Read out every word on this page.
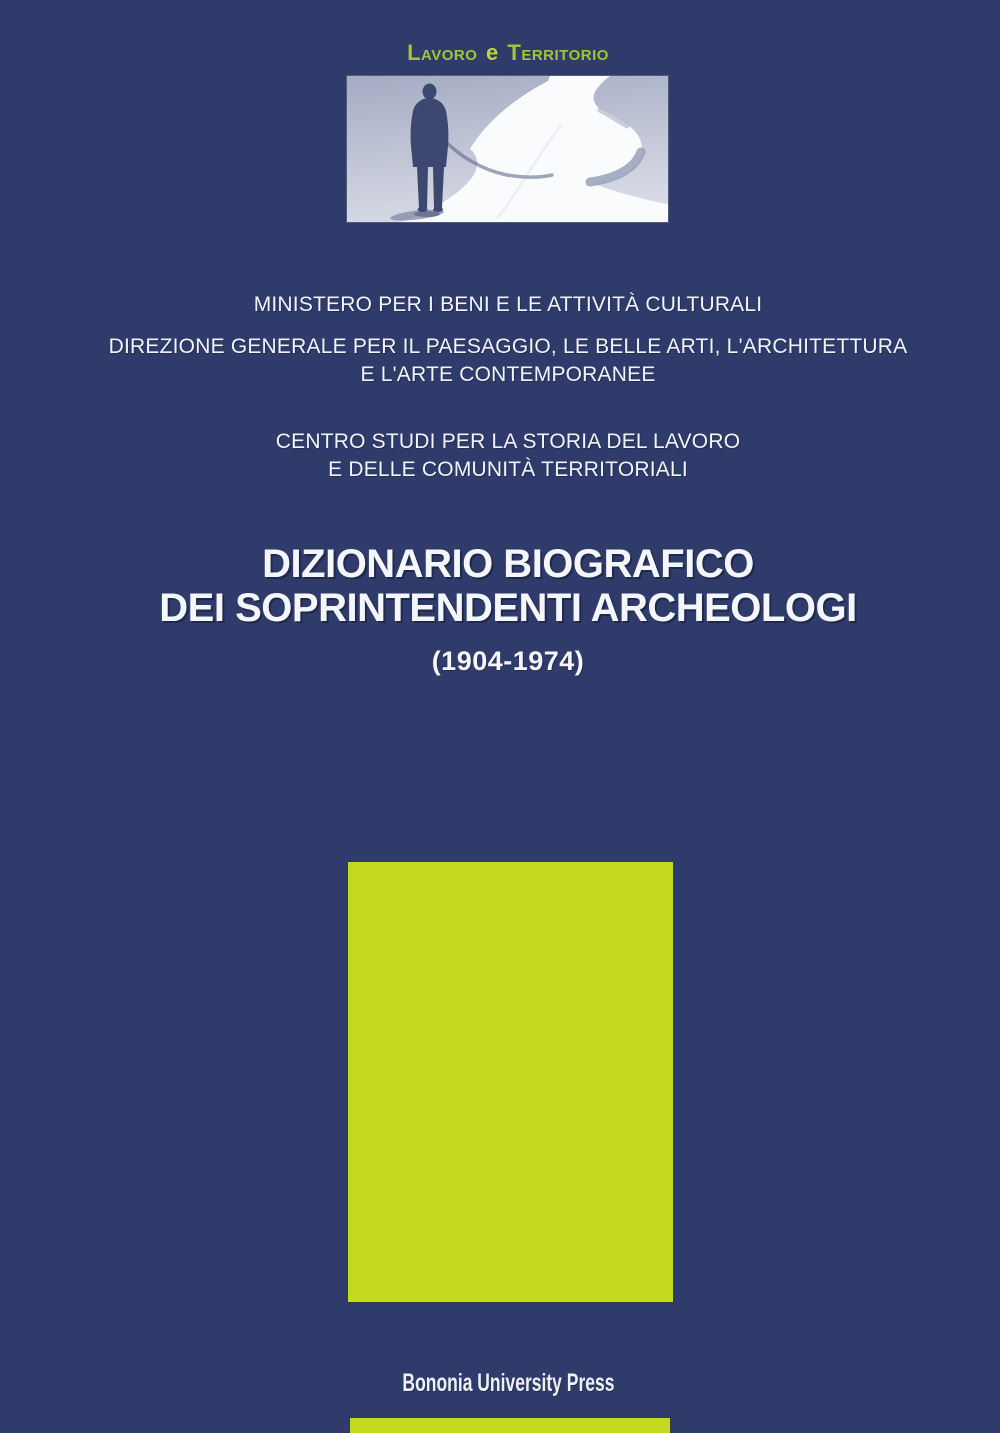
Lavoro e Territorio
MINISTERO PER I BENI E LE ATTIVITÀ CULTURALI
DIREZIONE GENERALE PER IL PAESAGGIO, LE BELLE ARTI, L'ARCHITETTURA
E L'ARTE CONTEMPORANEE
CENTRO STUDI PER LA STORIA DEL LAVORO
E DELLE COMUNITÀ TERRITORIALI
DIZIONARIO BIOGRAFICO
DEI SOPRINTENDENTI ARCHEOLOGI
(1904-1974)
Bononia University Press
